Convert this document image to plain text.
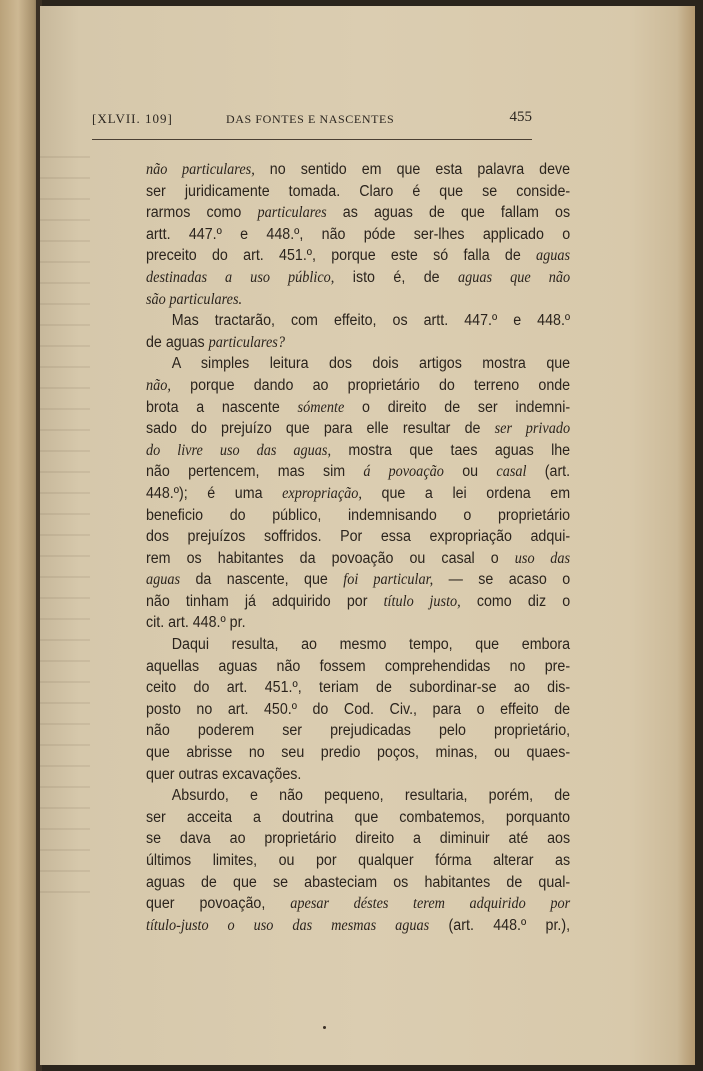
[XLVII. 109]	DAS FONTES E NASCENTES	455
não particulares, no sentido em que esta palavra deve
ser juridicamente tomada. Claro é que se conside-
rarmos como particulares as aguas de que fallam os
artt. 447.º e 448.º, não póde ser-lhes applicado o
preceito do art. 451.º, porque este só falla de aguas
destinadas a uso público, isto é, de aguas que não
são particulares.
Mas tractarão, com effeito, os artt. 447.º e 448.º
de aguas particulares?
A simples leitura dos dois artigos mostra que
não, porque dando ao proprietário do terreno onde
brota a nascente sómente o direito de ser indemni-
sado do prejuízo que para elle resultar de ser privado
do livre uso das aguas, mostra que taes aguas lhe
não pertencem, mas sim á povoação ou casal (art.
448.º); é uma expropriação, que a lei ordena em
beneficio do público, indemnisando o proprietário
dos prejuízos soffridos. Por essa expropriação adqui-
rem os habitantes da povoação ou casal o uso das
aguas da nascente, que foi particular, — se acaso o
não tinham já adquirido por título justo, como diz o
cit. art. 448.º pr.
Daqui resulta, ao mesmo tempo, que embora
aquellas aguas não fossem comprehendidas no pre-
ceito do art. 451.º, teriam de subordinar-se ao dis-
posto no art. 450.º do Cod. Civ., para o effeito de
não poderem ser prejudicadas pelo proprietário,
que abrisse no seu predio poços, minas, ou quaes-
quer outras excavações.
Absurdo, e não pequeno, resultaria, porém, de
ser acceita a doutrina que combatemos, porquanto
se dava ao proprietário direito a diminuir até aos
últimos limites, ou por qualquer fórma alterar as
aguas de que se abasteciam os habitantes de qual-
quer povoação, apesar déstes terem adquirido por
título-justo o uso das mesmas aguas (art. 448.º pr.),
